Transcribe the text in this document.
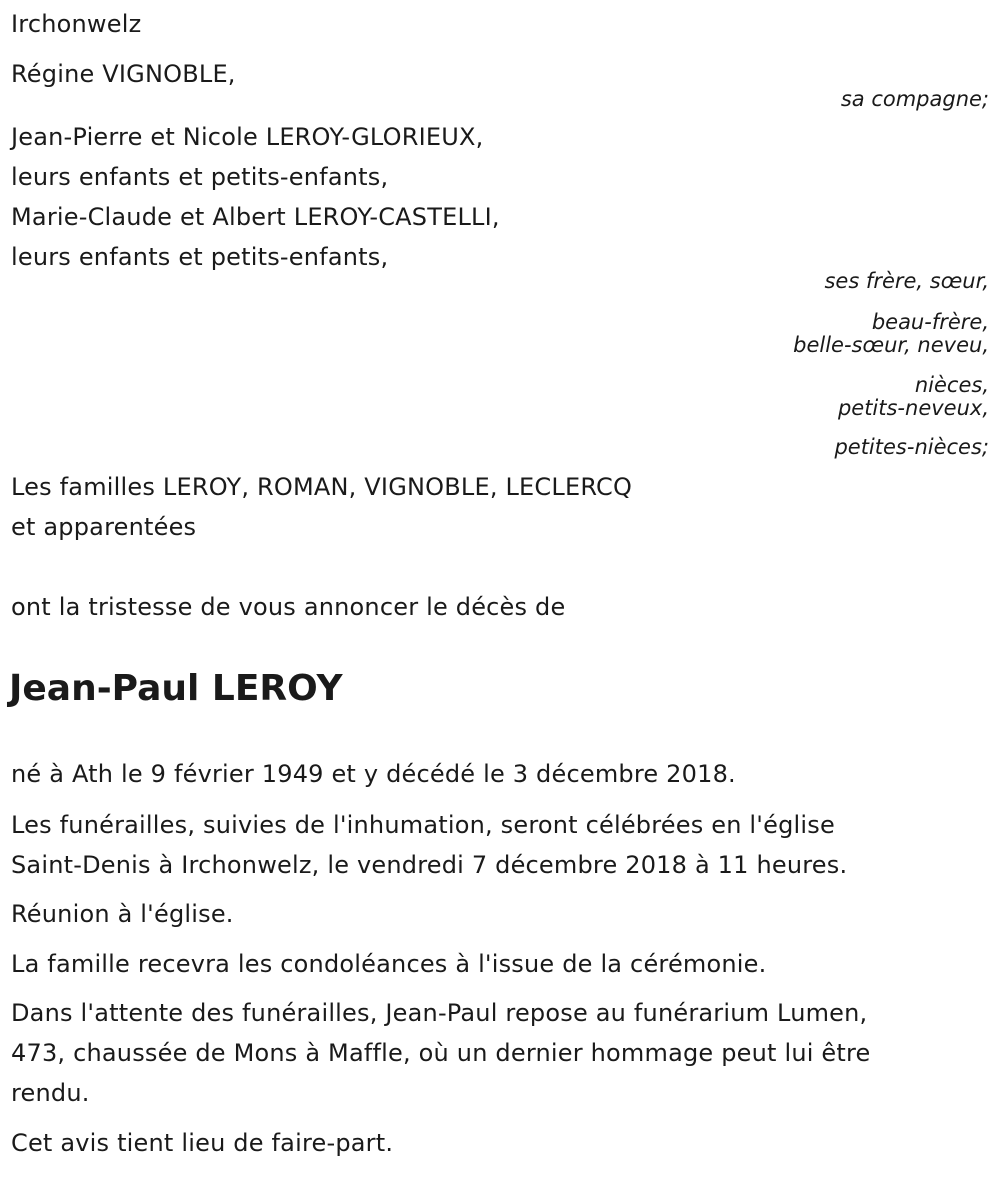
Irchonwelz
Régine VIGNOBLE,
sa compagne;
Jean-Pierre et Nicole LEROY-GLORIEUX,
leurs enfants et petits-enfants,
Marie-Claude et Albert LEROY-CASTELLI,
leurs enfants et petits-enfants,
ses frère, sœur,
beau-frère,
belle-sœur, neveu,
nièces,
petits-neveux,
petites-nièces;
Les familles LEROY, ROMAN, VIGNOBLE, LECLERCQ
et apparentées
ont la tristesse de vous annoncer le décès de
Jean-Paul LEROY
né à Ath le 9 février 1949 et y décédé le 3 décembre 2018.
Les funérailles, suivies de l'inhumation, seront célébrées en l'église
Saint-Denis à Irchonwelz, le vendredi 7 décembre 2018 à 11 heures.
Réunion à l'église.
La famille recevra les condoléances à l'issue de la cérémonie.
Dans l'attente des funérailles, Jean-Paul repose au funérarium Lumen,
473, chaussée de Mons à Maffle, où un dernier hommage peut lui être
rendu.
Cet avis tient lieu de faire-part.
